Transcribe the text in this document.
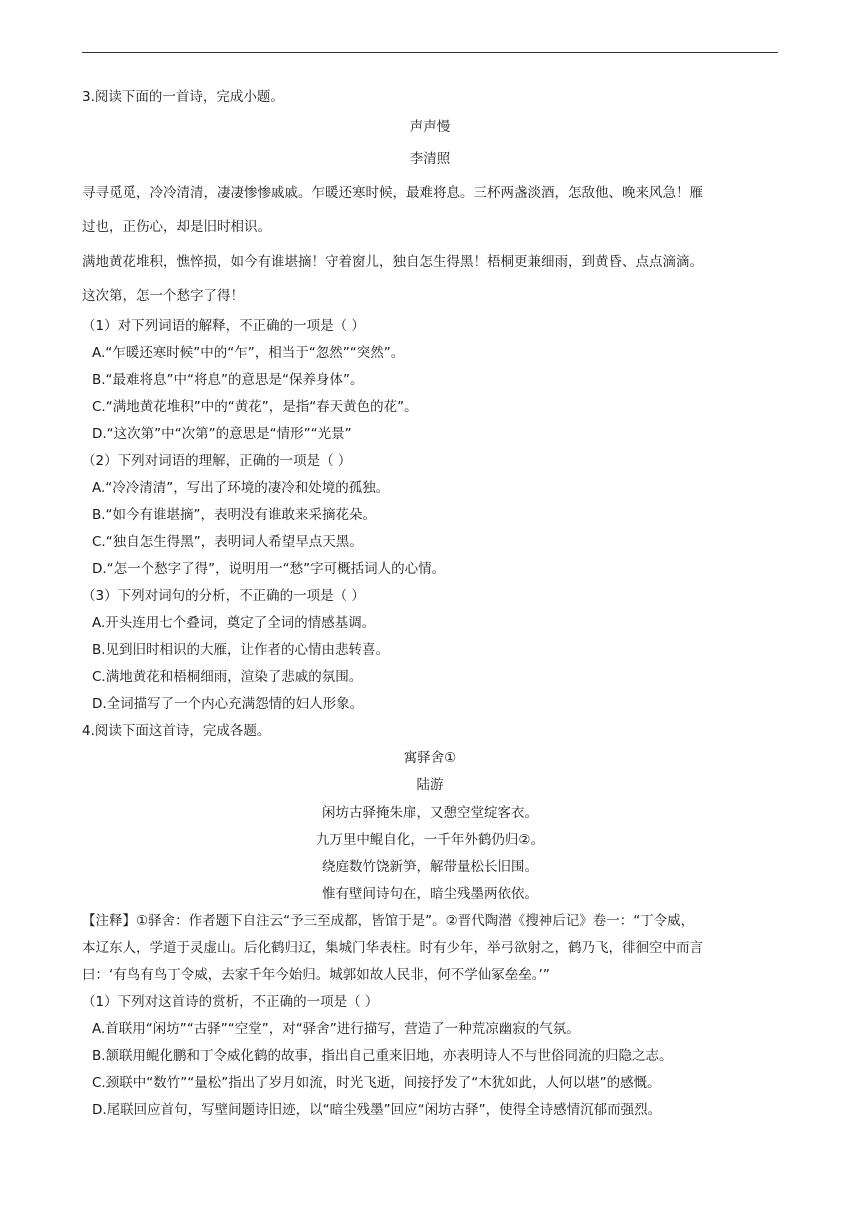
3.阅读下面的一首诗，完成小题。
声声慢
李清照
寻寻觅觅，冷冷清清，凄凄惨惨戚戚。乍暖还寒时候，最难将息。三杯两盏淡酒，怎敌他、晚来风急！雁
过也，正伤心，却是旧时相识。
满地黄花堆积，憔悴损，如今有谁堪摘！守着窗儿，独自怎生得黑！梧桐更兼细雨，到黄昏、点点滴滴。
这次第，怎一个愁字了得！
（1）对下列词语的解释，不正确的一项是（ ）
A.“乍暖还寒时候”中的“乍”，相当于“忽然”“突然”。
B.“最难将息”中“将息”的意思是“保养身体”。
C.“满地黄花堆积”中的“黄花”，是指“春天黄色的花”。
D.“这次第”中“次第”的意思是“情形”“光景”
（2）下列对词语的理解，正确的一项是（ ）
A.“冷冷清清”，写出了环境的凄冷和处境的孤独。
B.“如今有谁堪摘”，表明没有谁敢来采摘花朵。
C.“独自怎生得黑”，表明词人希望早点天黑。
D.“怎一个愁字了得”，说明用一“愁”字可概括词人的心情。
（3）下列对词句的分析，不正确的一项是（ ）
A.开头连用七个叠词，奠定了全词的情感基调。
B.见到旧时相识的大雁，让作者的心情由悲转喜。
C.满地黄花和梧桐细雨，渲染了悲戚的氛围。
D.全词描写了一个内心充满怨情的妇人形象。
4.阅读下面这首诗，完成各题。
寓驿舍①
陆游
闲坊古驿掩朱扉，又憩空堂绽客衣。
九万里中鲲自化，一千年外鹤仍归②。
绕庭数竹饶新笋，解带量松长旧围。
惟有壁间诗句在，暗尘残墨两依依。
【注释】①驿舍：作者题下自注云“予三至成都，皆馆于是”。②晋代陶潜《搜神后记》卷一：“丁令威，
本辽东人，学道于灵虚山。后化鹤归辽，集城门华表柱。时有少年，举弓欲射之，鹤乃飞，徘徊空中而言
曰：‘有鸟有鸟丁令威，去家千年今始归。城郭如故人民非，何不学仙冢垒垒。’”
（1）下列对这首诗的赏析，不正确的一项是（ ）
A.首联用“闲坊”“古驿”“空堂”，对“驿舍”进行描写，营造了一种荒凉幽寂的气氛。
B.颔联用鲲化鹏和丁令威化鹤的故事，指出自己重来旧地，亦表明诗人不与世俗同流的归隐之志。
C.颈联中“数竹”“量松”指出了岁月如流，时光飞逝，间接抒发了“木犹如此，人何以堪”的感慨。
D.尾联回应首句，写壁间题诗旧迹，以“暗尘残墨”回应“闲坊古驿”，使得全诗感情沉郁而强烈。
